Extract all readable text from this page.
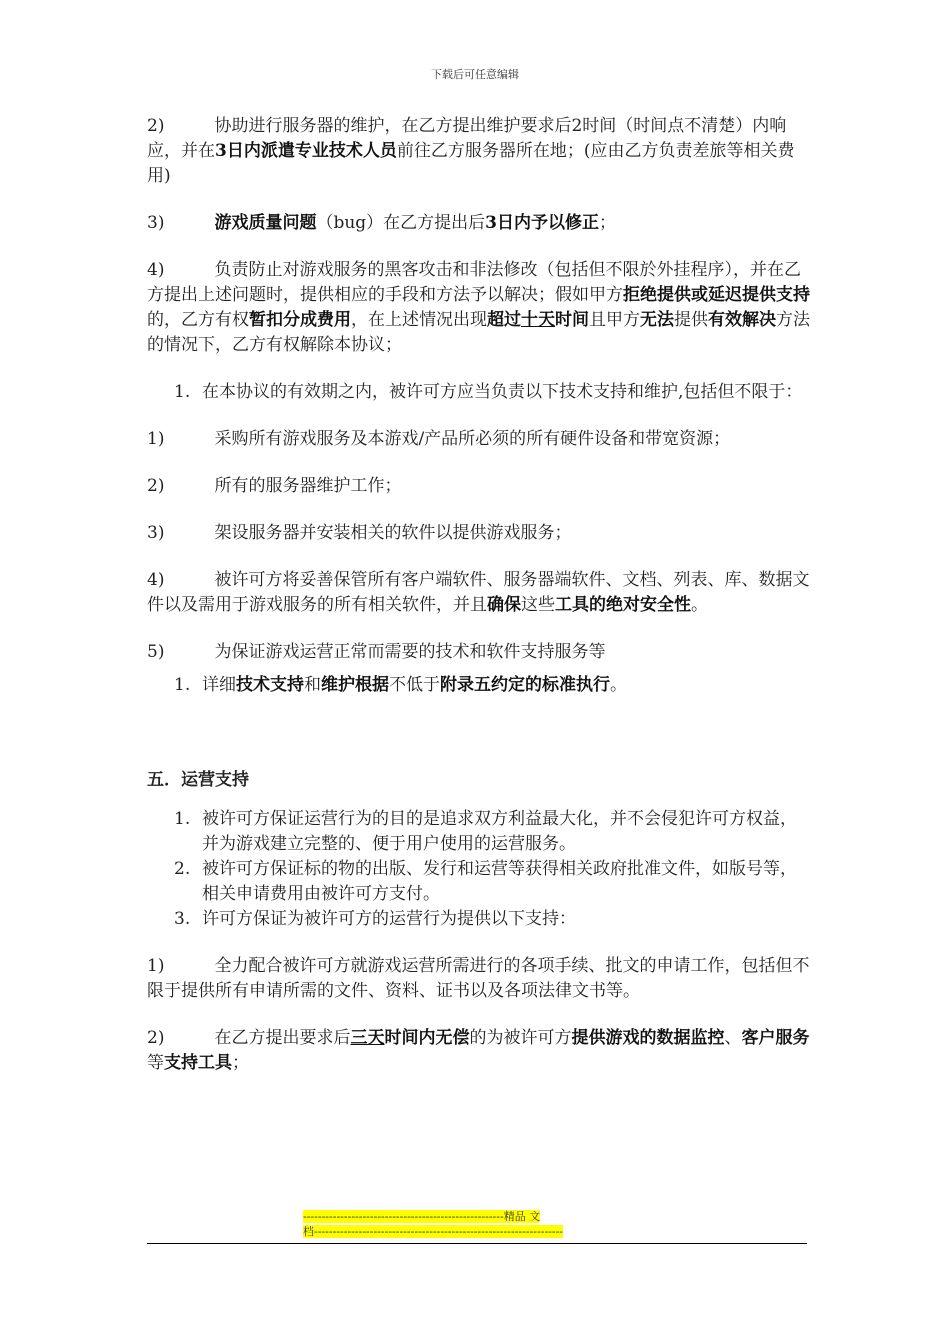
下载后可任意编辑

2)	协助进行服务器的维护，在乙方提出维护要求后2时间（时间点不清楚）内响应，并在3日内派遣专业技术人员前往乙方服务器所在地；(应由乙方负责差旅等相关费用)

3)	游戏质量问题（bug）在乙方提出后3日内予以修正；

4)	负责防止对游戏服务的黑客攻击和非法修改（包括但不限於外挂程序），并在乙方提出上述问题时，提供相应的手段和方法予以解决；假如甲方拒绝提供或延迟提供支持的，乙方有权暂扣分成费用，在上述情况出现超过十天时间且甲方无法提供有效解决方法的情况下，乙方有权解除本协议；

1. 在本协议的有效期之内，被许可方应当负责以下技术支持和维护,包括但不限于：

1)	采购所有游戏服务及本游戏/产品所必须的所有硬件设备和带宽资源；

2)	所有的服务器维护工作；

3)	架设服务器并安装相关的软件以提供游戏服务；

4)	被许可方将妥善保管所有客户端软件、服务器端软件、文档、列表、库、数据文件以及需用于游戏服务的所有相关软件，并且确保这些工具的绝对安全性。

5)	为保证游戏运营正常而需要的技术和软件支持服务等

1. 详细技术支持和维护根据不低于附录五约定的标准执行。

五．运营支持

1. 被许可方保证运营行为的目的是追求双方利益最大化，并不会侵犯许可方权益，并为游戏建立完整的、便于用户使用的运营服务。
2. 被许可方保证标的物的出版、发行和运营等获得相关政府批准文件，如版号等，相关申请费用由被许可方支付。
3. 许可方保证为被许可方的运营行为提供以下支持：

1)	全力配合被许可方就游戏运营所需进行的各项手续、批文的申请工作，包括但不限于提供所有申请所需的文件、资料、证书以及各项法律文书等。

2)	在乙方提出要求后三天时间内无偿的为被许可方提供游戏的数据监控、客户服务等支持工具；

------------------------------------------------------精品 文
档-------------------------------------------------------------------
